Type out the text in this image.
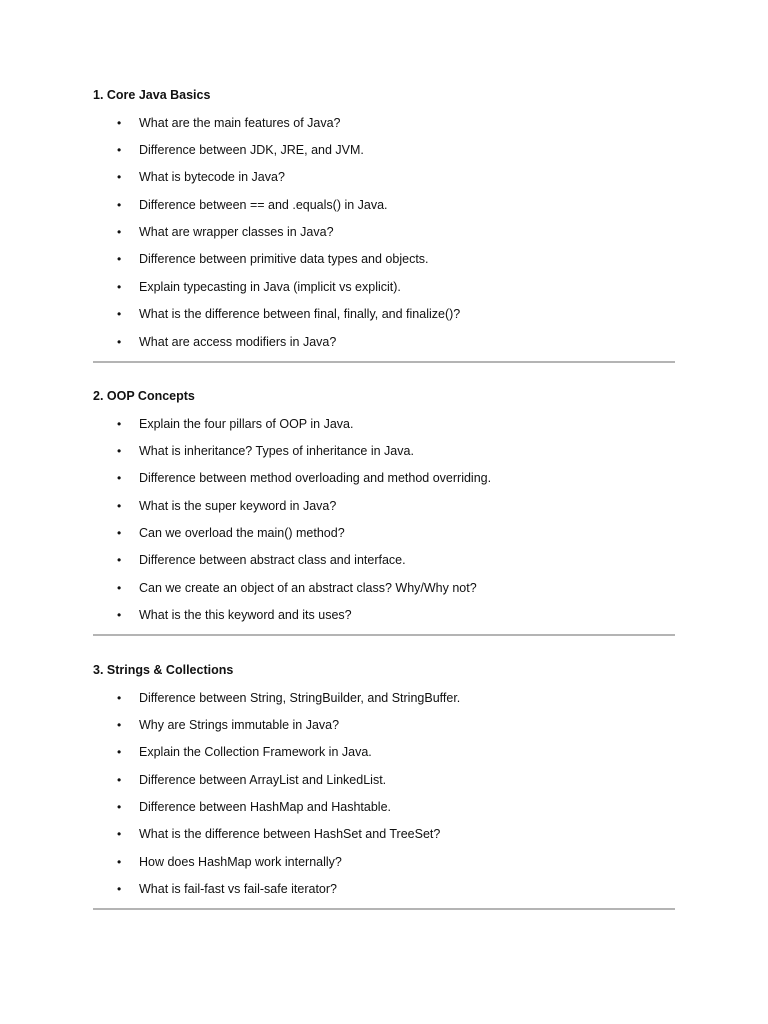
1. Core Java Basics
• What are the main features of Java?
• Difference between JDK, JRE, and JVM.
• What is bytecode in Java?
• Difference between == and .equals() in Java.
• What are wrapper classes in Java?
• Difference between primitive data types and objects.
• Explain typecasting in Java (implicit vs explicit).
• What is the difference between final, finally, and finalize()?
• What are access modifiers in Java?
2. OOP Concepts
• Explain the four pillars of OOP in Java.
• What is inheritance? Types of inheritance in Java.
• Difference between method overloading and method overriding.
• What is the super keyword in Java?
• Can we overload the main() method?
• Difference between abstract class and interface.
• Can we create an object of an abstract class? Why/Why not?
• What is the this keyword and its uses?
3. Strings & Collections
• Difference between String, StringBuilder, and StringBuffer.
• Why are Strings immutable in Java?
• Explain the Collection Framework in Java.
• Difference between ArrayList and LinkedList.
• Difference between HashMap and Hashtable.
• What is the difference between HashSet and TreeSet?
• How does HashMap work internally?
• What is fail-fast vs fail-safe iterator?
